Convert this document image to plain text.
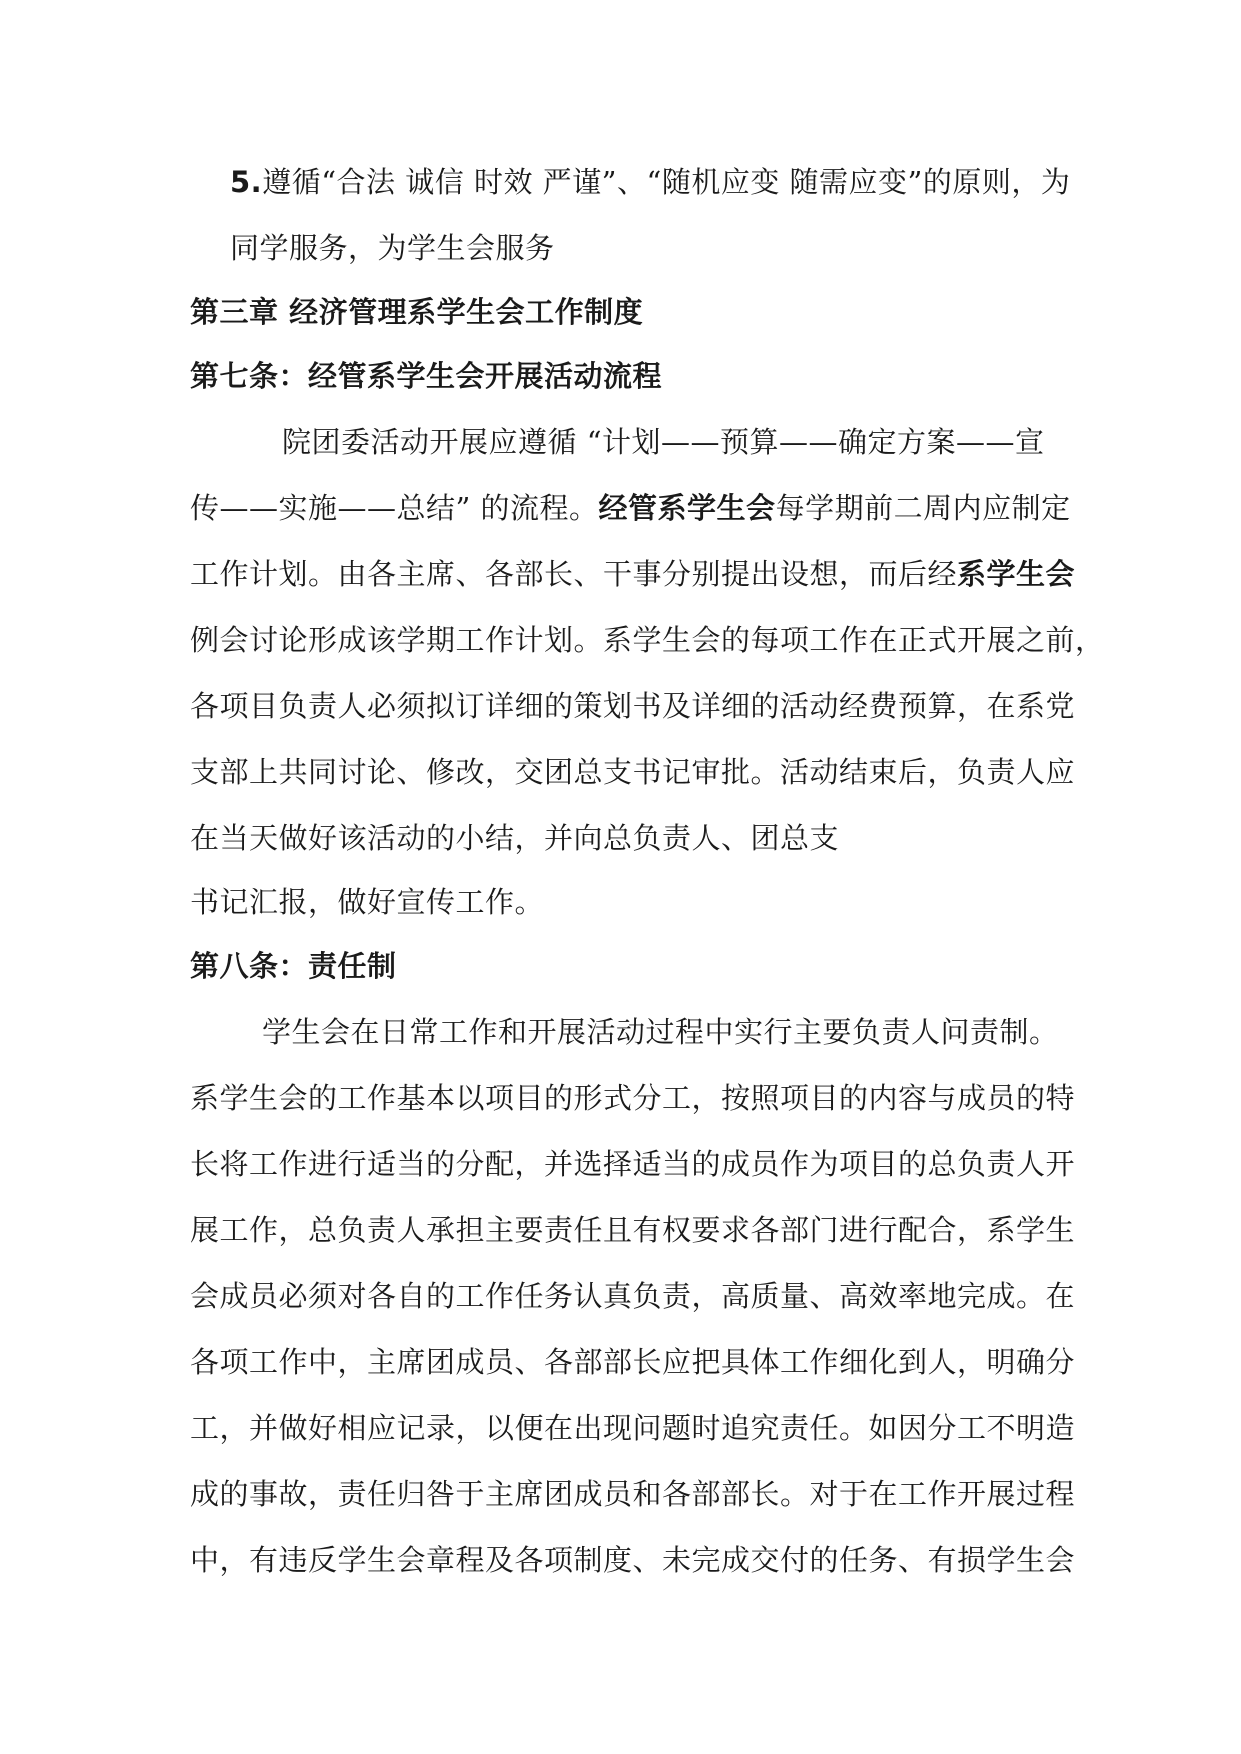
5.遵循“合法 诚信 时效 严谨”、“随机应变 随需应变”的原则，为
同学服务，为学生会服务
第三章 经济管理系学生会工作制度
第七条：经管系学生会开展活动流程
院团委活动开展应遵循 “计划——预算——确定方案——宣
传——实施——总结” 的流程。经管系学生会每学期前二周内应制定
工作计划。由各主席、各部长、干事分别提出设想，而后经系学生会
例会讨论形成该学期工作计划。系学生会的每项工作在正式开展之前，
各项目负责人必须拟订详细的策划书及详细的活动经费预算，在系党
支部上共同讨论、修改，交团总支书记审批。活动结束后，负责人应
在当天做好该活动的小结，并向总负责人、团总支
书记汇报，做好宣传工作。
第八条：责任制
学生会在日常工作和开展活动过程中实行主要负责人问责制。
系学生会的工作基本以项目的形式分工，按照项目的内容与成员的特
长将工作进行适当的分配，并选择适当的成员作为项目的总负责人开
展工作，总负责人承担主要责任且有权要求各部门进行配合，系学生
会成员必须对各自的工作任务认真负责，高质量、高效率地完成。在
各项工作中，主席团成员、各部部长应把具体工作细化到人，明确分
工，并做好相应记录，以便在出现问题时追究责任。如因分工不明造
成的事故，责任归咎于主席团成员和各部部长。对于在工作开展过程
中，有违反学生会章程及各项制度、未完成交付的任务、有损学生会
